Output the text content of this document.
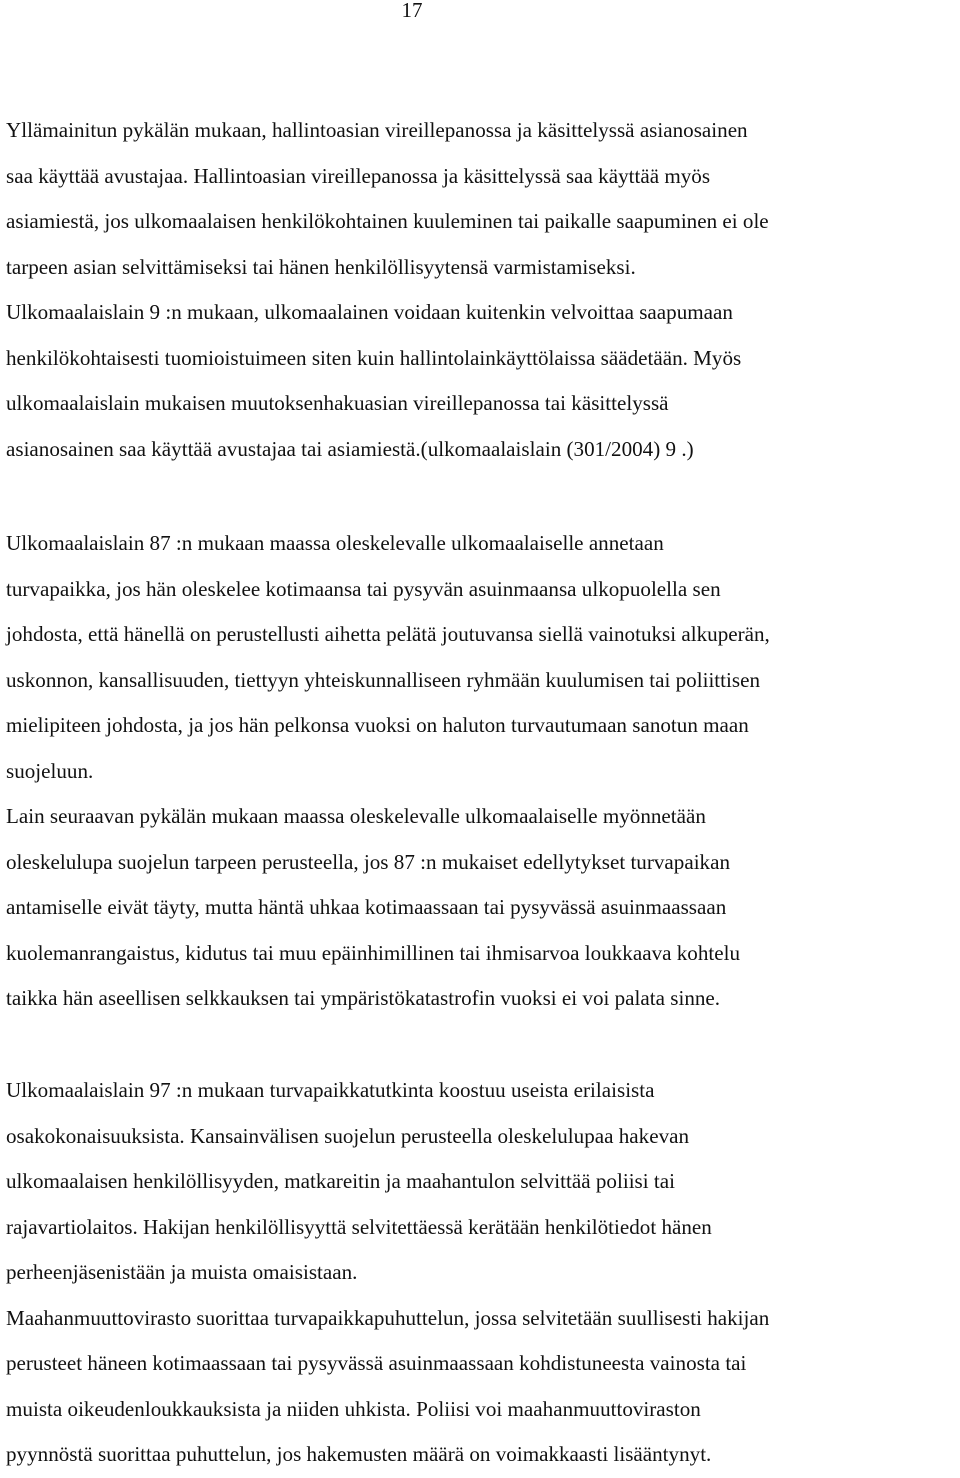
17

Yllämainitun pykälän mukaan, hallintoasian vireillepanossa ja käsittelyssä asianosainen
saa käyttää avustajaa. Hallintoasian vireillepanossa ja käsittelyssä saa käyttää myös
asiamiestä, jos ulkomaalaisen henkilökohtainen kuuleminen tai paikalle saapuminen ei ole
tarpeen asian selvittämiseksi tai hänen henkilöllisyytensä varmistamiseksi.
Ulkomaalaislain 9 :n mukaan, ulkomaalainen voidaan kuitenkin velvoittaa saapumaan
henkilökohtaisesti tuomioistuimeen siten kuin hallintolainkäyttölaissa säädetään. Myös
ulkomaalaislain mukaisen muutoksenhakuasian vireillepanossa tai käsittelyssä
asianosainen saa käyttää avustajaa tai asiamiestä.(ulkomaalaislain (301/2004) 9 .)

Ulkomaalaislain 87 :n mukaan maassa oleskelevalle ulkomaalaiselle annetaan
turvapaikka, jos hän oleskelee kotimaansa tai pysyvän asuinmaansa ulkopuolella sen
johdosta, että hänellä on perustellusti aihetta pelätä joutuvansa siellä vainotuksi alkuperän,
uskonnon, kansallisuuden, tiettyyn yhteiskunnalliseen ryhmään kuulumisen tai poliittisen
mielipiteen johdosta, ja jos hän pelkonsa vuoksi on haluton turvautumaan sanotun maan
suojeluun.
Lain seuraavan pykälän mukaan maassa oleskelevalle ulkomaalaiselle myönnetään
oleskelulupa suojelun tarpeen perusteella, jos 87 :n mukaiset edellytykset turvapaikan
antamiselle eivät täyty, mutta häntä uhkaa kotimaassaan tai pysyvässä asuinmaassaan
kuolemanrangaistus, kidutus tai muu epäinhimillinen tai ihmisarvoa loukkaava kohtelu
taikka hän aseellisen selkkauksen tai ympäristökatastrofin vuoksi ei voi palata sinne.

Ulkomaalaislain 97 :n mukaan turvapaikkatutkinta koostuu useista erilaisista
osakokonaisuuksista. Kansainvälisen suojelun perusteella oleskelulupaa hakevan
ulkomaalaisen henkilöllisyyden, matkareitin ja maahantulon selvittää poliisi tai
rajavartiolaitos. Hakijan henkilöllisyyttä selvitettäessä kerätään henkilötiedot hänen
perheenjäsenistään ja muista omaisistaan.
Maahanmuuttovirasto suorittaa turvapaikkapuhuttelun, jossa selvitetään suullisesti hakijan
perusteet häneen kotimaassaan tai pysyvässä asuinmaassaan kohdistuneesta vainosta tai
muista oikeudenloukkauksista ja niiden uhkista. Poliisi voi maahanmuuttoviraston
pyynnöstä suorittaa puhuttelun, jos hakemusten määrä on voimakkaasti lisääntynyt.
